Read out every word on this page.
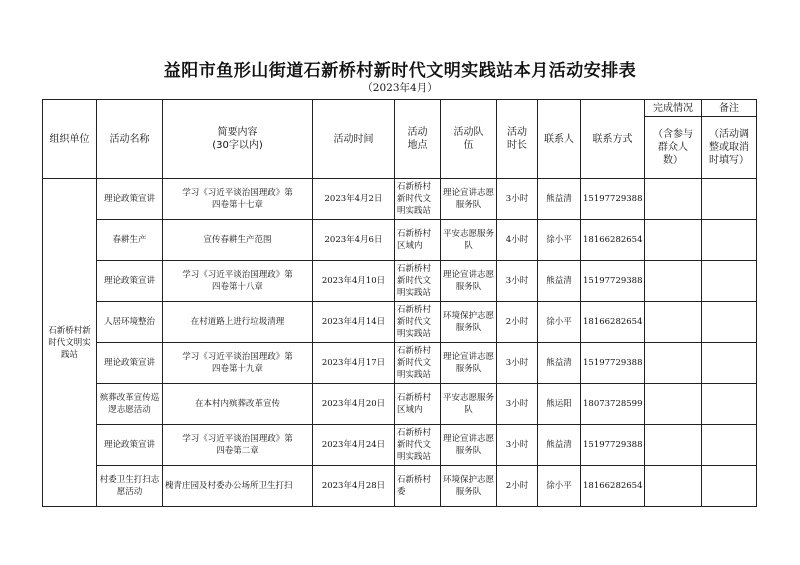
益阳市鱼形山街道石新桥村新时代文明实践站本月活动安排表
（2023年4月）
组织单位	活动名称	简要内容
(30字以内)	活动时间	活动地点	活动队伍	活动时长	联系人	联系方式	完成情况	备注
									（含参与群众人数）	（活动调整或取消时填写）
石新桥村新时代文明实践站	理论政策宣讲	学习《习近平谈治国理政》第四卷第十七章	2023年4月2日	石新桥村新时代文明实践站	理论宣讲志愿服务队	3小时	熊益清	15197729388		
	春耕生产	宣传春耕生产范围	2023年4月6日	石新桥村区域内	平安志愿服务队	4小时	徐小平	18166282654		
	理论政策宣讲	学习《习近平谈治国理政》第四卷第十八章	2023年4月10日	石新桥村新时代文明实践站	理论宣讲志愿服务队	3小时	熊益清	15197729388		
	人居环境整治	在村道路上进行垃圾清理	2023年4月14日	石新桥村新时代文明实践站	环境保护志愿服务队	2小时	徐小平	18166282654		
	理论政策宣讲	学习《习近平谈治国理政》第四卷第十九章	2023年4月17日	石新桥村新时代文明实践站	理论宣讲志愿服务队	3小时	熊益清	15197729388		
	殡葬改革宣传巡逻志愿活动	在本村内殡葬改革宣传	2023年4月20日	石新桥村区域内	平安志愿服务队	3小时	熊运阳	18073728599		
	理论政策宣讲	学习《习近平谈治国理政》第四卷第二章	2023年4月24日	石新桥村新时代文明实践站	理论宣讲志愿服务队	3小时	熊益清	15197729388		
	村委卫生打扫志愿活动	槐青庄园及村委办公场所卫生打扫	2023年4月28日	石新桥村委	环境保护志愿服务队	2小时	徐小平	18166282654		
